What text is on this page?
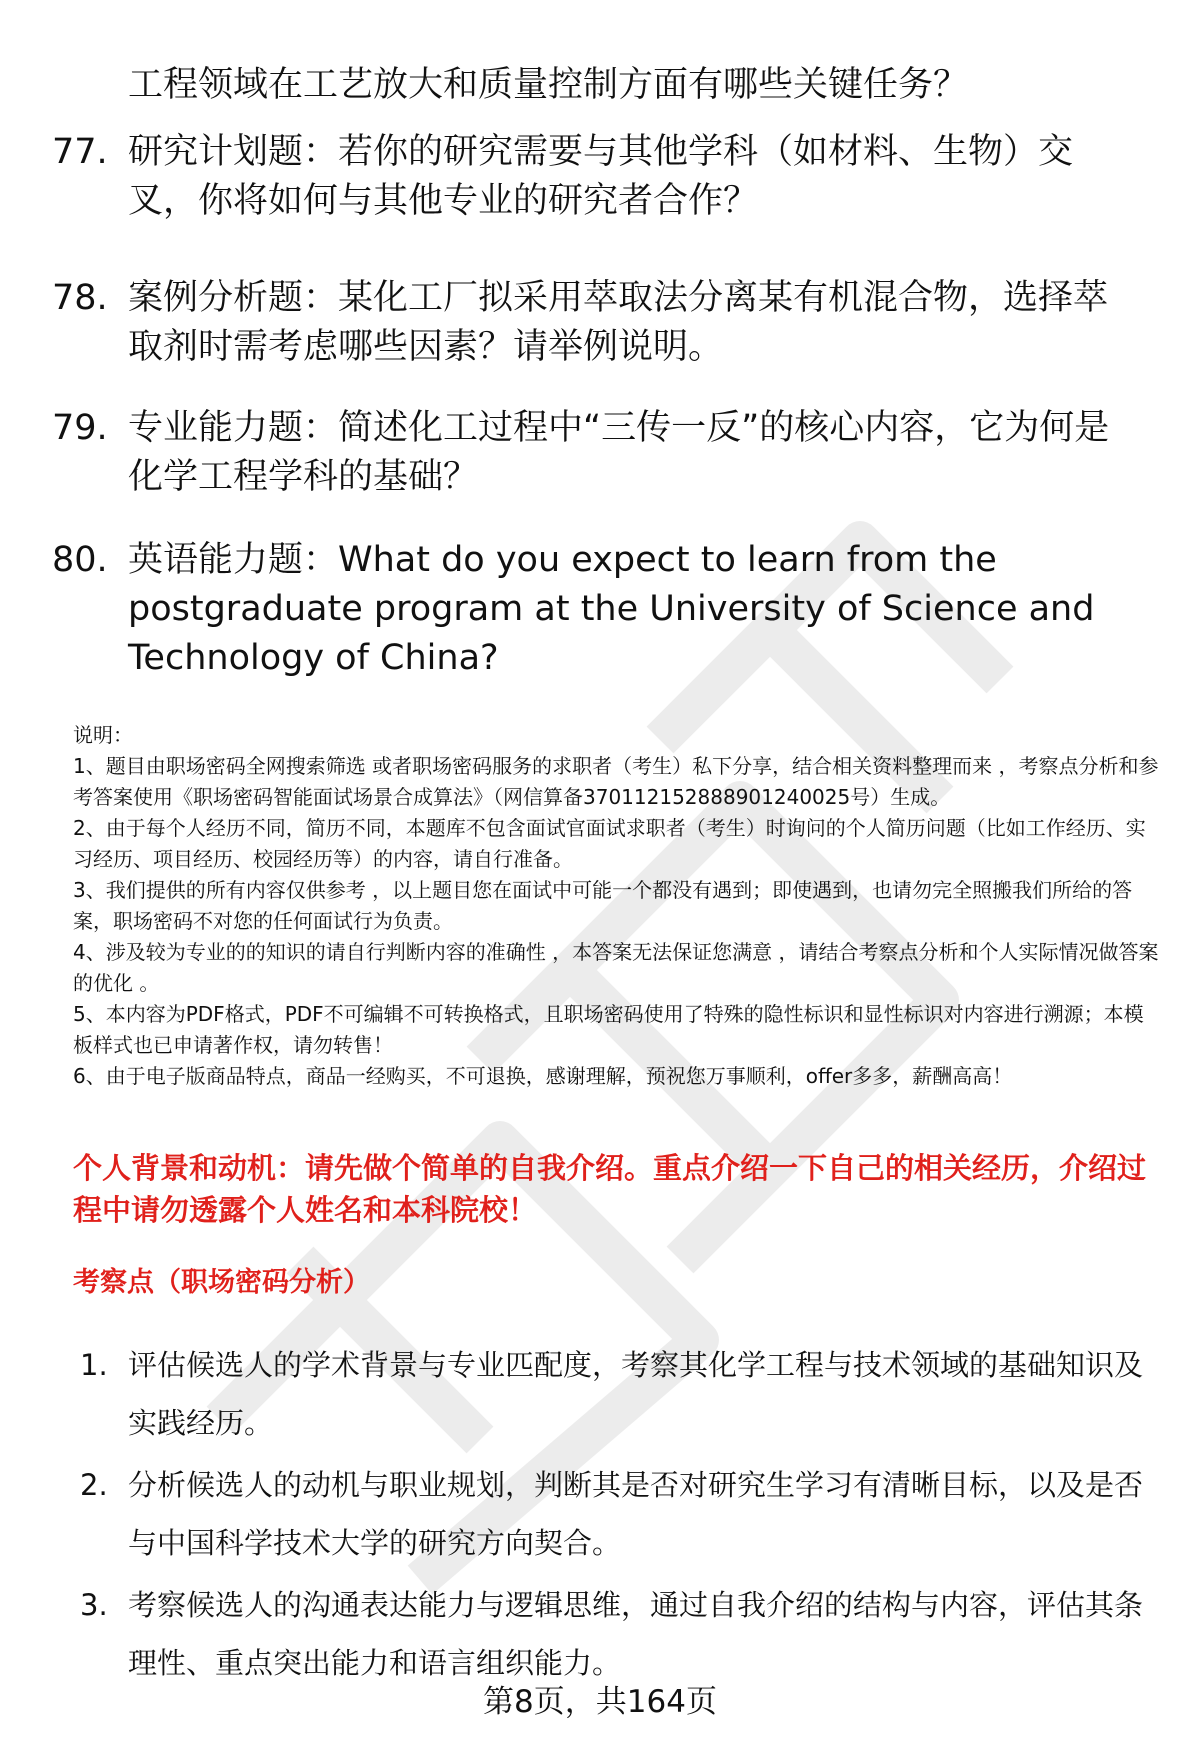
工程领域在工艺放大和质量控制方面有哪些关键任务？
77. 研究计划题：若你的研究需要与其他学科（如材料、生物）交叉，你将如何与其他专业的研究者合作？
78. 案例分析题：某化工厂拟采用萃取法分离某有机混合物，选择萃取剂时需考虑哪些因素？请举例说明。
79. 专业能力题：简述化工过程中“三传一反”的核心内容，它为何是化学工程学科的基础？
80. 英语能力题：What do you expect to learn from the postgraduate program at the University of Science and Technology of China?
说明：
1、题目由职场密码全网搜索筛选 或者职场密码服务的求职者（考生）私下分享，结合相关资料整理而来 ，考察点分析和参考答案使用《职场密码智能面试场景合成算法》（网信算备370112152888901240025号）生成。
2、由于每个人经历不同，简历不同，本题库不包含面试官面试求职者（考生）时询问的个人简历问题（比如工作经历、实习经历、项目经历、校园经历等）的内容，请自行准备。
3、我们提供的所有内容仅供参考 ，以上题目您在面试中可能一个都没有遇到；即使遇到，也请勿完全照搬我们所给的答案，职场密码不对您的任何面试行为负责。
4、涉及较为专业的的知识的请自行判断内容的准确性 ，本答案无法保证您满意 ，请结合考察点分析和个人实际情况做答案的优化 。
5、本内容为PDF格式，PDF不可编辑不可转换格式，且职场密码使用了特殊的隐性标识和显性标识对内容进行溯源；本模板样式也已申请著作权，请勿转售！
6、由于电子版商品特点，商品一经购买，不可退换，感谢理解，预祝您万事顺利，offer多多，薪酬高高！
个人背景和动机：请先做个简单的自我介绍。重点介绍一下自己的相关经历，介绍过程中请勿透露个人姓名和本科院校！
考察点（职场密码分析）
1. 评估候选人的学术背景与专业匹配度，考察其化学工程与技术领域的基础知识及实践经历。
2. 分析候选人的动机与职业规划，判断其是否对研究生学习有清晰目标，以及是否与中国科学技术大学的研究方向契合。
3. 考察候选人的沟通表达能力与逻辑思维，通过自我介绍的结构与内容，评估其条理性、重点突出能力和语言组织能力。
第8页，共164页
